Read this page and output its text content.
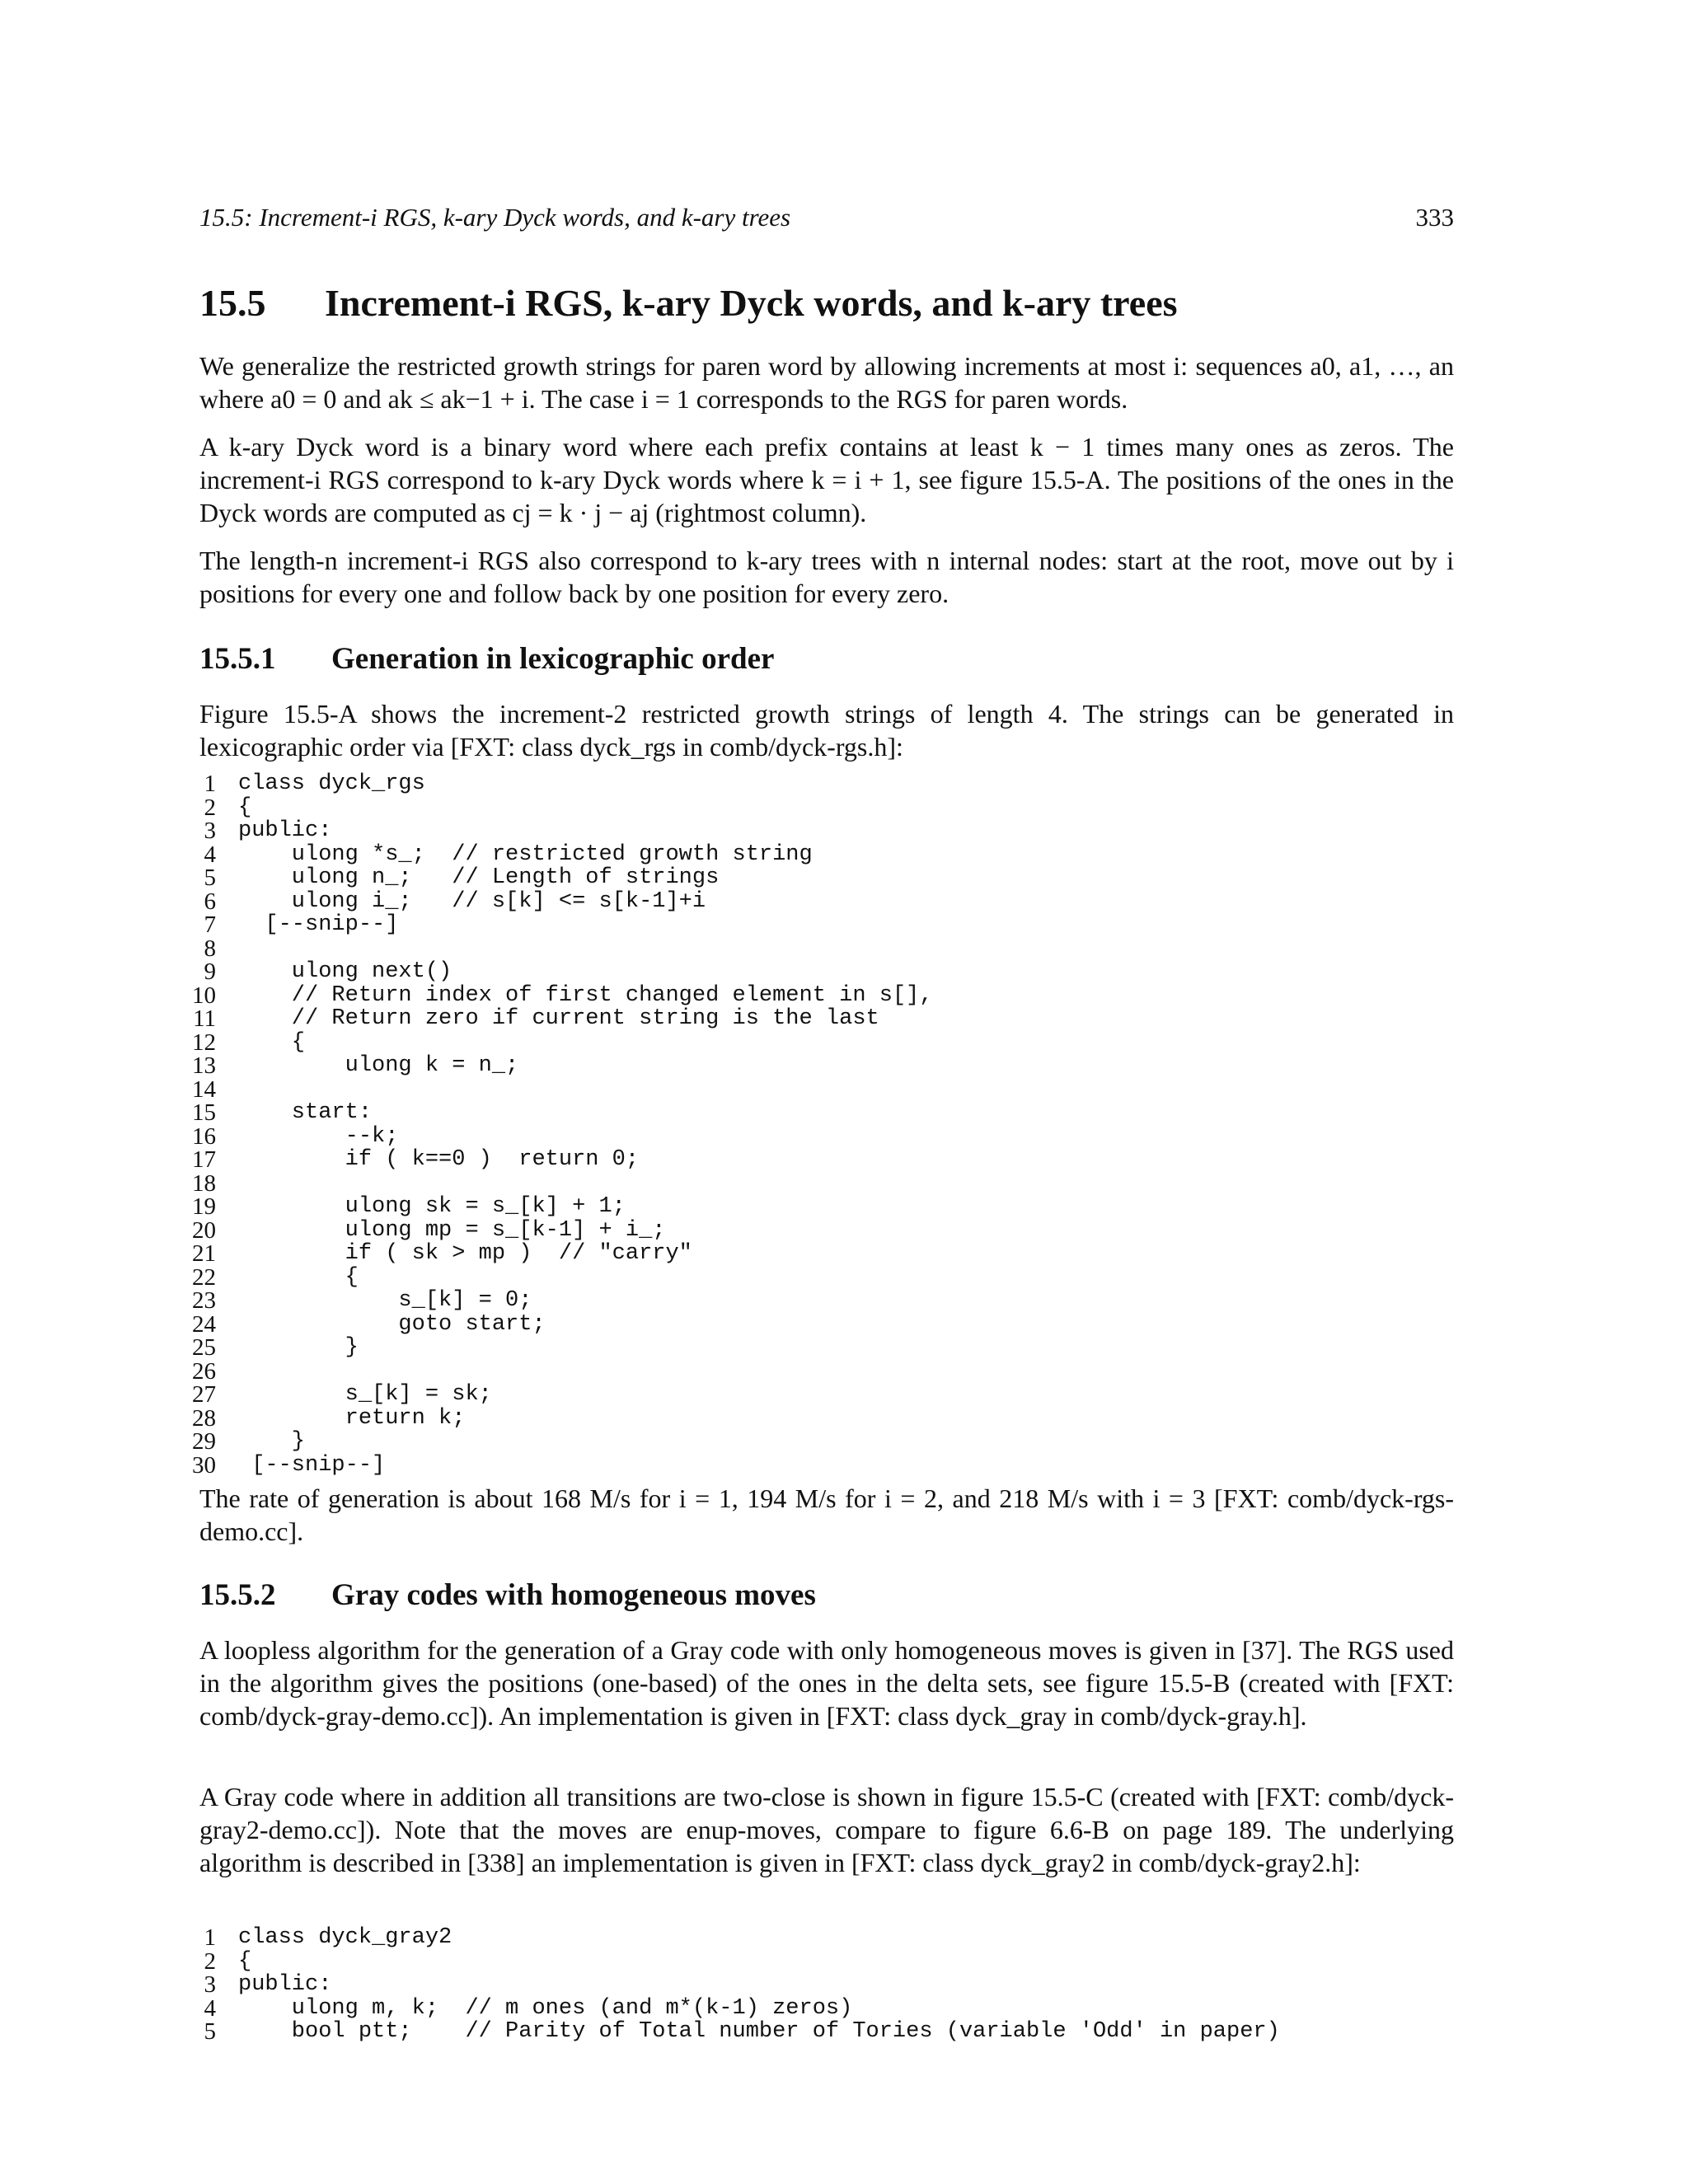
15.5: Increment-i RGS, k-ary Dyck words, and k-ary trees	333
15.5 Increment-i RGS, k-ary Dyck words, and k-ary trees

We generalize the restricted growth strings for paren word by allowing increments at most i: sequences a0, a1, …, an where a0 = 0 and ak ≤ ak−1 + i. The case i = 1 corresponds to the RGS for paren words.

A k-ary Dyck word is a binary word where each prefix contains at least k − 1 times many ones as zeros. The increment-i RGS correspond to k-ary Dyck words where k = i + 1, see figure 15.5-A. The positions of the ones in the Dyck words are computed as cj = k · j − aj (rightmost column).

The length-n increment-i RGS also correspond to k-ary trees with n internal nodes: start at the root, move out by i positions for every one and follow back by one position for every zero.

15.5.1 Generation in lexicographic order

Figure 15.5-A shows the increment-2 restricted growth strings of length 4. The strings can be generated in lexicographic order via [FXT: class dyck_rgs in comb/dyck-rgs.h]:

1 class dyck_rgs
2 {
3 public:
4 ulong *s_;  // restricted growth string
5 ulong n_;   // Length of strings
6 ulong i_;   // s[k] <= s[k-1]+i
7 [--snip--]
8
9 ulong next()
10 // Return index of first changed element in s[],
11 // Return zero if current string is the last
12 {
13 ulong k = n_;
14
15 start:
16 --k;
17 if ( k==0 )  return 0;
18
19 ulong sk = s_[k] + 1;
20 ulong mp = s_[k-1] + i_;
21 if ( sk > mp )  // "carry"
22 {
23 s_[k] = 0;
24 goto start;
25 }
26
27 s_[k] = sk;
28 return k;
29 }
30 [--snip--]

The rate of generation is about 168 M/s for i = 1, 194 M/s for i = 2, and 218 M/s with i = 3 [FXT: comb/dyck-rgs-demo.cc].

15.5.2 Gray codes with homogeneous moves

A loopless algorithm for the generation of a Gray code with only homogeneous moves is given in [37]. The RGS used in the algorithm gives the positions (one-based) of the ones in the delta sets, see figure 15.5-B (created with [FXT: comb/dyck-gray-demo.cc]). An implementation is given in [FXT: class dyck_gray in comb/dyck-gray.h].

A Gray code where in addition all transitions are two-close is shown in figure 15.5-C (created with [FXT: comb/dyck-gray2-demo.cc]). Note that the moves are enup-moves, compare to figure 6.6-B on page 189. The underlying algorithm is described in [338] an implementation is given in [FXT: class dyck_gray2 in comb/dyck-gray2.h]:

1 class dyck_gray2
2 {
3 public:
4 ulong m, k;  // m ones (and m*(k-1) zeros)
5 bool ptt;    // Parity of Total number of Tories (variable 'Odd' in paper)
